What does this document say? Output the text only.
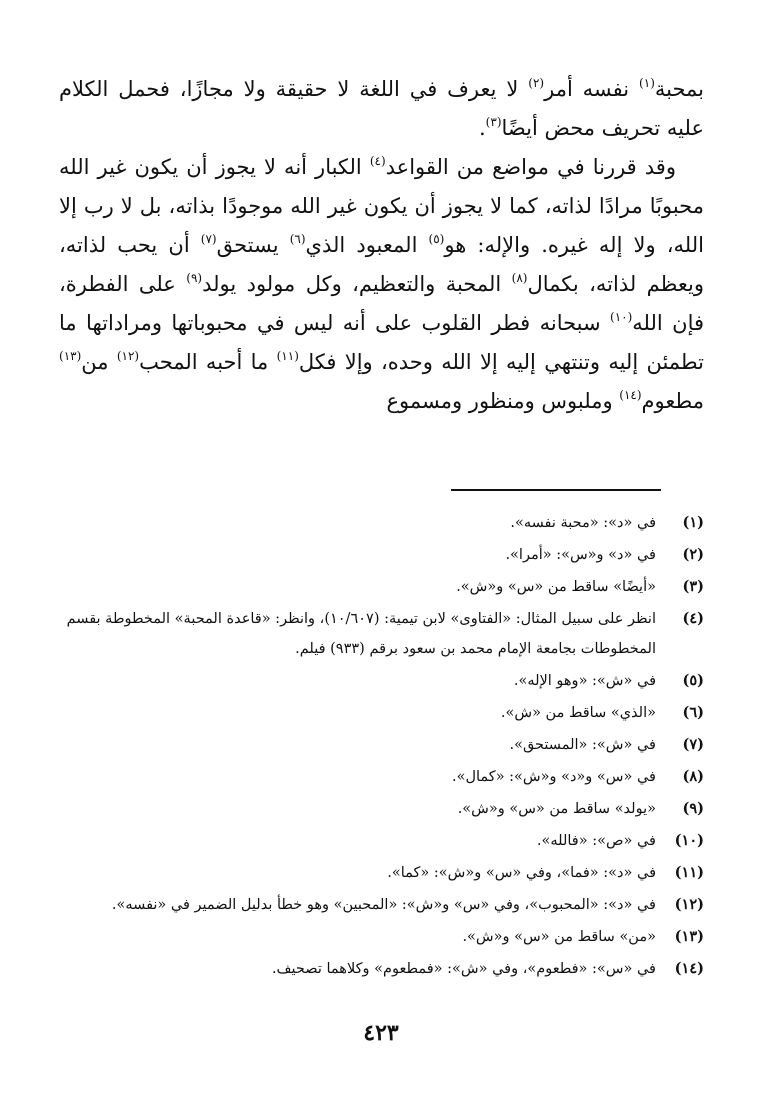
بمحبة$^{(١)}$ نفسه أمر$^{(٢)}$ لا يعرف في اللغة لا حقيقة ولا مجازًا، فحمل الكلام عليه تحريف محض أيضًا$^{(٣)}$.

وقد قررنا في مواضع من القواعد$^{(٤)}$ الكبار أنه لا يجوز أن يكون غير الله محبوبًا مرادًا لذاته، كما لا يجوز أن يكون غير الله موجودًا بذاته، بل لا رب إلا الله، ولا إله غيره. والإله: هو$^{(٥)}$ المعبود الذي$^{(٦)}$ يستحق$^{(٧)}$ أن يحب لذاته، ويعظم لذاته، بكمال$^{(٨)}$ المحبة والتعظيم، وكل مولود يولد$^{(٩)}$ على الفطرة، فإن الله$^{(١٠)}$ سبحانه فطر القلوب على أنه ليس في محبوباتها ومراداتها ما تطمئن إليه وتنتهي إليه إلا الله وحده، وإلا فكل$^{(١١)}$ ما أحبه المحب$^{(١٢)}$ من$^{(١٣)}$ مطعوم$^{(١٤)}$ وملبوس ومنظور ومسموع

(١)
في «د»: «محبة نفسه».
(٢)
في «د» و«س»: «أمرا».
(٣)
«أيضًا» ساقط من «س» و«ش».
(٤)
انظر على سبيل المثال: «الفتاوى» لابن تيمية: (١٠/٦٠٧)، وانظر: «قاعدة المحبة» المخطوطة بقسم المخطوطات بجامعة الإمام محمد بن سعود برقم (٩٣٣) فيلم.
(٥)
في «ش»: «وهو الإله».
(٦)
«الذي» ساقط من «ش».
(٧)
في «ش»: «المستحق».
(٨)
في «س» و«د» و«ش»: «كمال».
(٩)
«يولد» ساقط من «س» و«ش».
(١٠)
في «ص»: «فالله».
(١١)
في «د»: «فما»، وفي «س» و«ش»: «كما».
(١٢)
في «د»: «المحبوب»، وفي «س» و«ش»: «المحبين» وهو خطأ بدليل الضمير في «نفسه».
(١٣)
«من» ساقط من «س» و«ش».
(١٤)
في «س»: «فطعوم»، وفي «ش»: «فمطعوم» وكلاهما تصحيف.
٤٢٣
